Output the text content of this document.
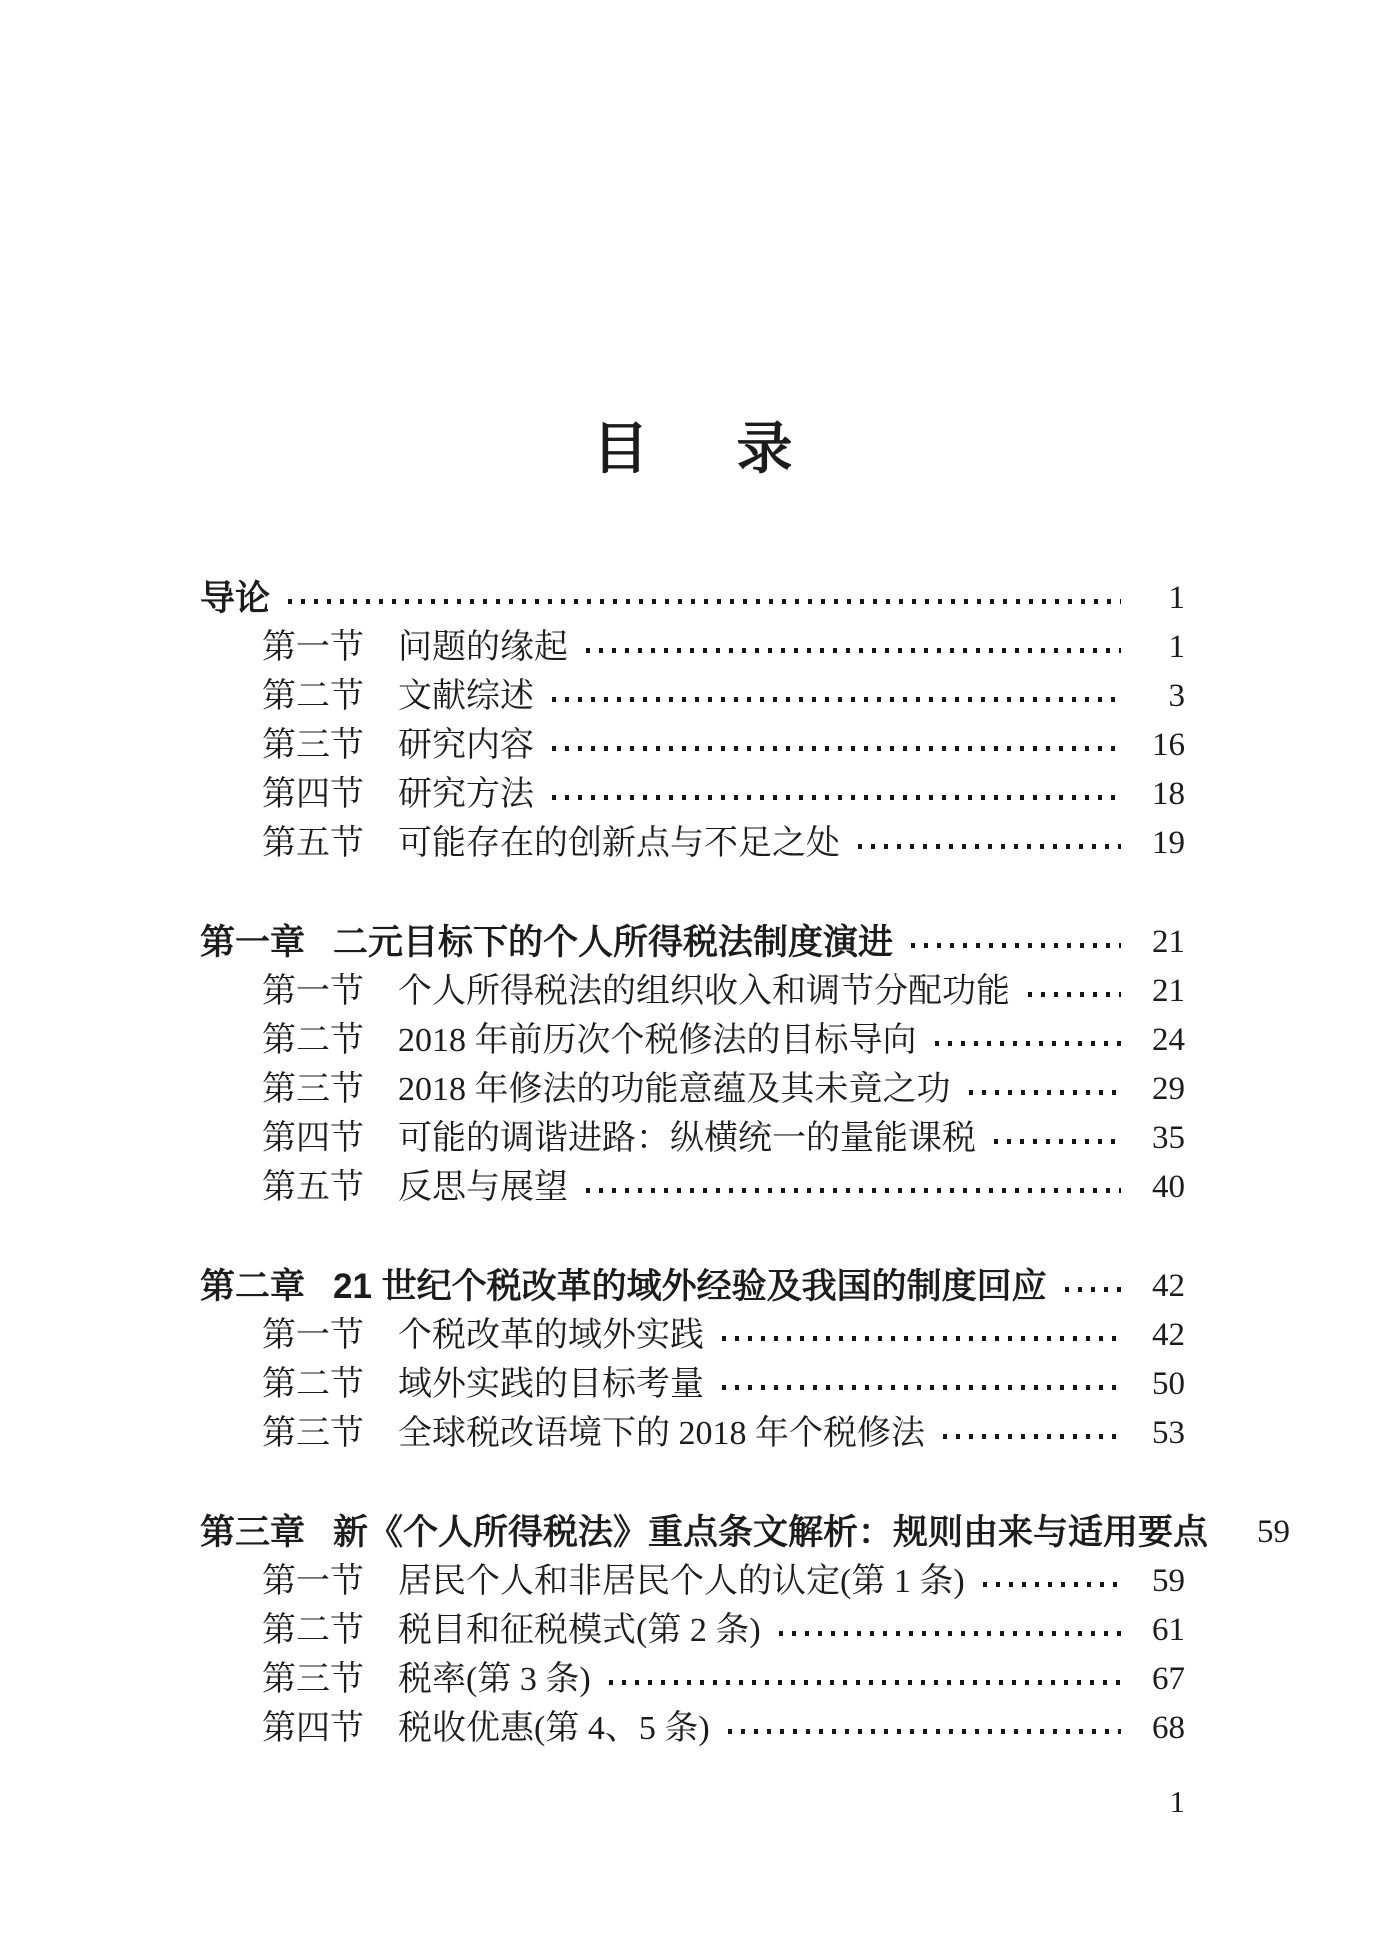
目 录
导论	1
第一节 问题的缘起	1
第二节 文献综述	3
第三节 研究内容	16
第四节 研究方法	18
第五节 可能存在的创新点与不足之处	19
第一章 二元目标下的个人所得税法制度演进	21
第一节 个人所得税法的组织收入和调节分配功能	21
第二节 2018 年前历次个税修法的目标导向	24
第三节 2018 年修法的功能意蕴及其未竟之功	29
第四节 可能的调谐进路：纵横统一的量能课税	35
第五节 反思与展望	40
第二章 21 世纪个税改革的域外经验及我国的制度回应	42
第一节 个税改革的域外实践	42
第二节 域外实践的目标考量	50
第三节 全球税改语境下的 2018 年个税修法	53
第三章 新《个人所得税法》重点条文解析：规则由来与适用要点	59
第一节 居民个人和非居民个人的认定(第 1 条)	59
第二节 税目和征税模式(第 2 条)	61
第三节 税率(第 3 条)	67
第四节 税收优惠(第 4、5 条)	68
1
